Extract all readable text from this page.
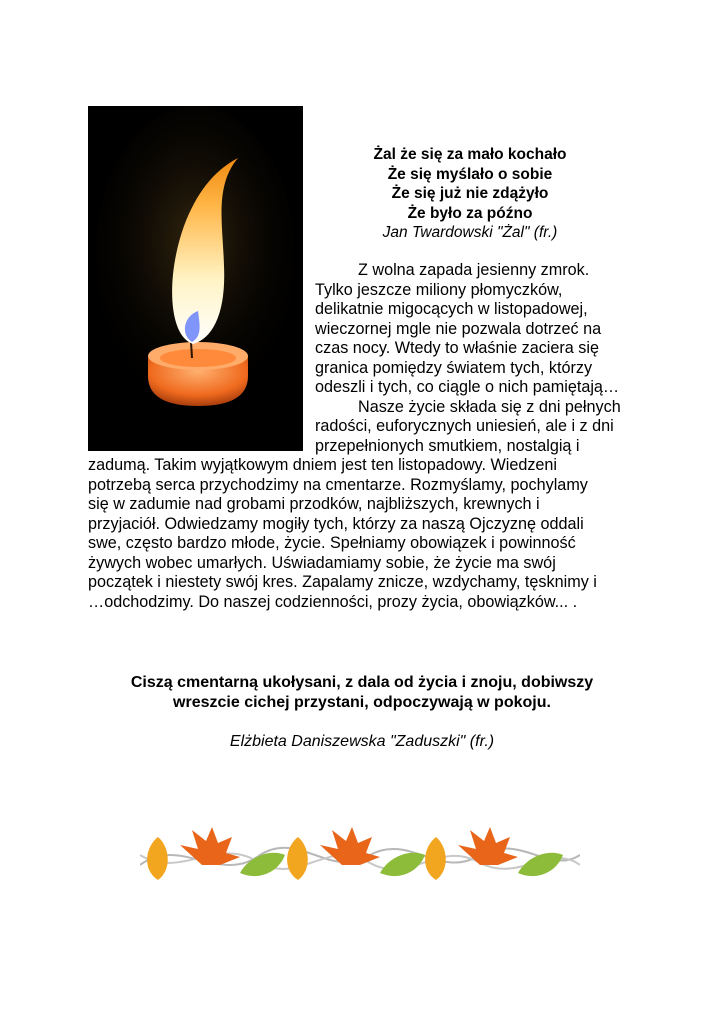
Żal że się za mało kochało
Że się myślało o sobie
Że się już nie zdążyło
Że było za późno
Jan Twardowski "Żal" (fr.)
Z wolna zapada jesienny zmrok.
Tylko jeszcze miliony płomyczków,
delikatnie migocących w listopadowej,
wieczornej mgle nie pozwala dotrzeć na
czas nocy. Wtedy to właśnie zaciera się
granica pomiędzy światem tych, którzy
odeszli i tych, co ciągle o nich pamiętają…
Nasze życie składa się z dni pełnych
radości, euforycznych uniesień, ale i z dni
przepełnionych smutkiem, nostalgią i
zadumą. Takim wyjątkowym dniem jest ten listopadowy. Wiedzeni
potrzebą serca przychodzimy na cmentarze. Rozmyślamy, pochylamy
się w zadumie nad grobami przodków, najbliższych, krewnych i
przyjaciół. Odwiedzamy mogiły tych, którzy za naszą Ojczyznę oddali
swe, często bardzo młode, życie. Spełniamy obowiązek i powinność
żywych wobec umarłych. Uświadamiamy sobie, że życie ma swój
początek i niestety swój kres. Zapalamy znicze, wzdychamy, tęsknimy i
…odchodzimy. Do naszej codzienności, prozy życia, obowiązków... .
Ciszą cmentarną ukołysani, z dala od życia i znoju, dobiwszy
wreszcie cichej przystani, odpoczywają w pokoju.
Elżbieta Daniszewska "Zaduszki" (fr.)
